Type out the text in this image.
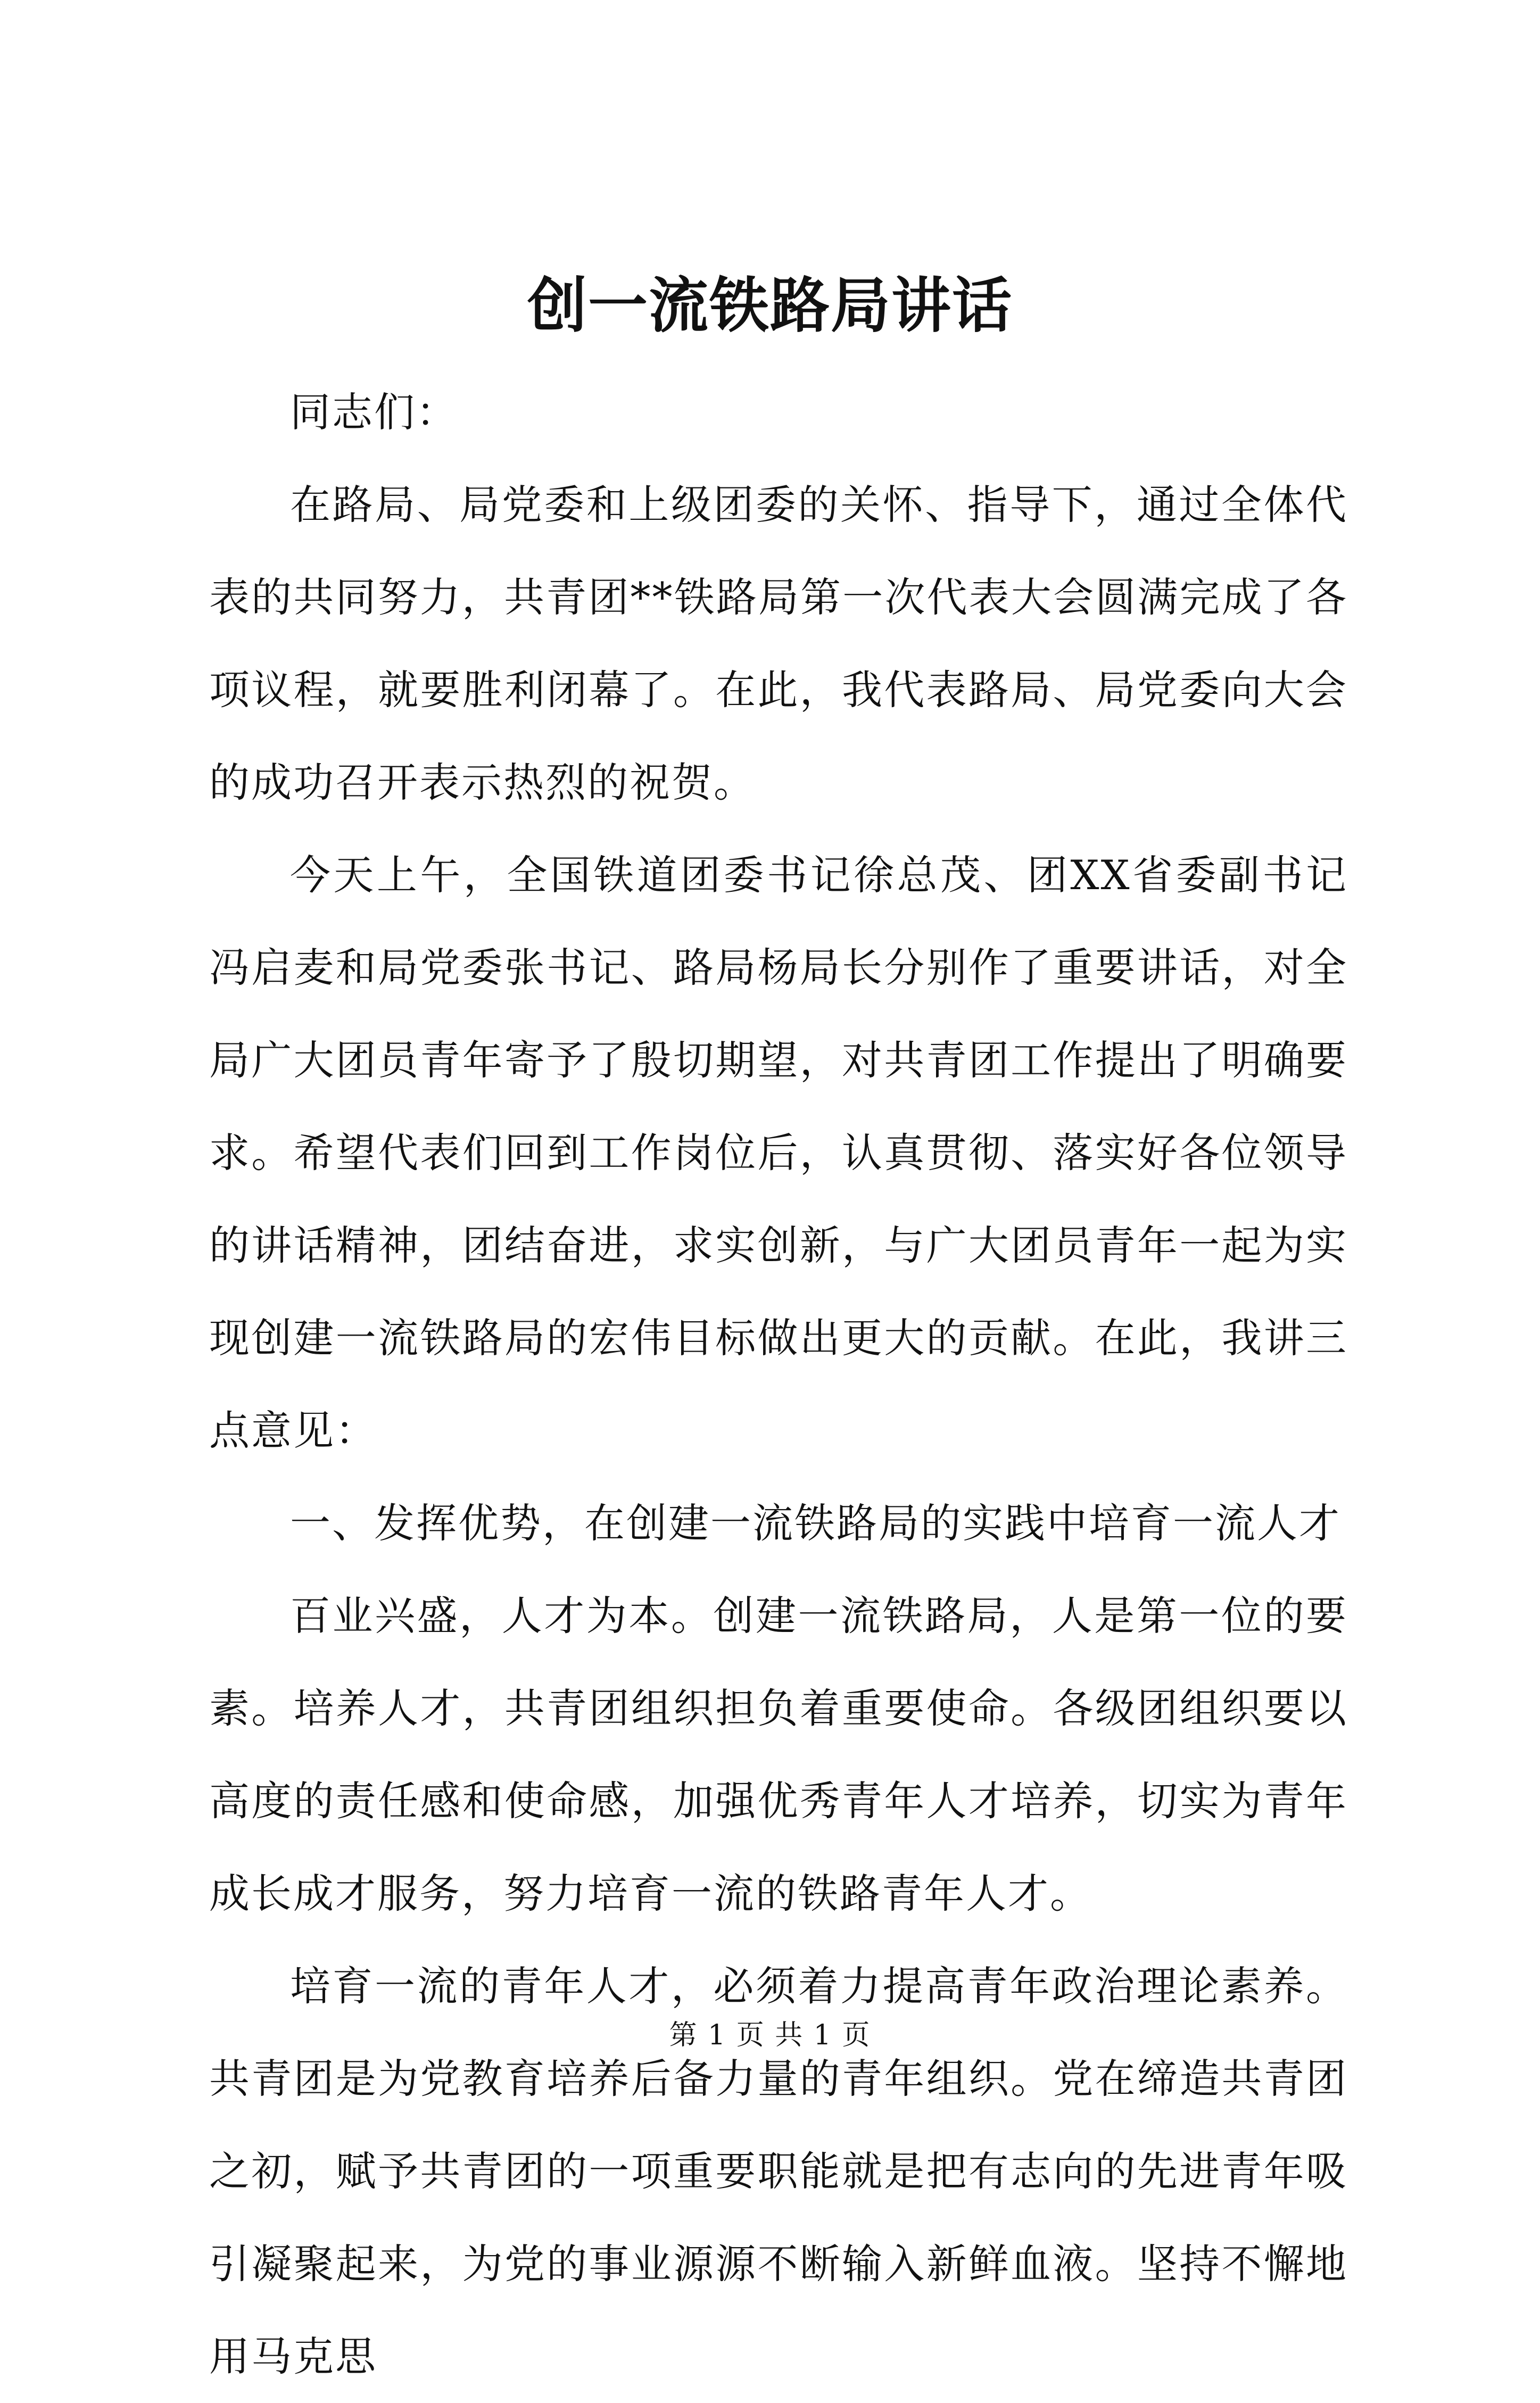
创一流铁路局讲话

同志们：

在路局、局党委和上级团委的关怀、指导下，通过全体代表的共同努力，共青团**铁路局第一次代表大会圆满完成了各项议程，就要胜利闭幕了。在此，我代表路局、局党委向大会的成功召开表示热烈的祝贺。

今天上午，全国铁道团委书记徐总茂、团XX省委副书记冯启麦和局党委张书记、路局杨局长分别作了重要讲话，对全局广大团员青年寄予了殷切期望，对共青团工作提出了明确要求。希望代表们回到工作岗位后，认真贯彻、落实好各位领导的讲话精神，团结奋进，求实创新，与广大团员青年一起为实现创建一流铁路局的宏伟目标做出更大的贡献。在此，我讲三点意见：

一、发挥优势，在创建一流铁路局的实践中培育一流人才

百业兴盛，人才为本。创建一流铁路局，人是第一位的要素。培养人才，共青团组织担负着重要使命。各级团组织要以高度的责任感和使命感，加强优秀青年人才培养，切实为青年成长成才服务，努力培育一流的铁路青年人才。

培育一流的青年人才，必须着力提高青年政治理论素养。共青团是为党教育培养后备力量的青年组织。党在缔造共青团之初，赋予共青团的一项重要职能就是把有志向的先进青年吸引凝聚起来，为党的事业源源不断输入新鲜血液。坚持不懈地用马克思

第 1 页 共 1 页
